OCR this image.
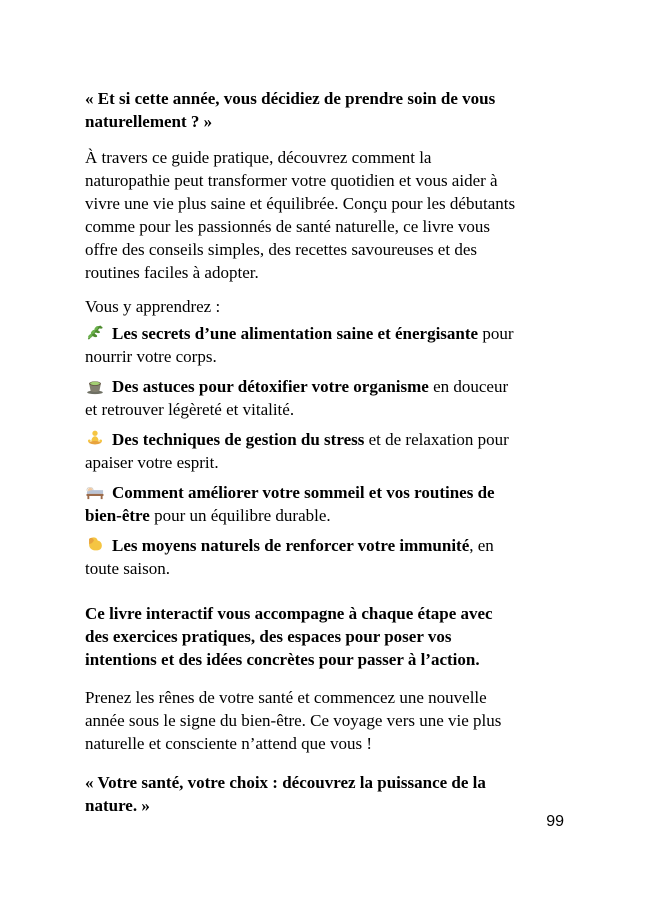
« Et si cette année, vous décidiez de prendre soin de vous
naturellement ? »
À travers ce guide pratique, découvrez comment la
naturopathie peut transformer votre quotidien et vous aider à
vivre une vie plus saine et équilibrée. Conçu pour les débutants
comme pour les passionnés de santé naturelle, ce livre vous
offre des conseils simples, des recettes savoureuses et des
routines faciles à adopter.
Vous y apprendrez :
Les secrets d’une alimentation saine et énergisante pour
nourrir votre corps.
Des astuces pour détoxifier votre organisme en douceur
et retrouver légèreté et vitalité.
Des techniques de gestion du stress et de relaxation pour
apaiser votre esprit.
Comment améliorer votre sommeil et vos routines de
bien-être pour un équilibre durable.
Les moyens naturels de renforcer votre immunité, en
toute saison.
Ce livre interactif vous accompagne à chaque étape avec
des exercices pratiques, des espaces pour poser vos
intentions et des idées concrètes pour passer à l’action.
Prenez les rênes de votre santé et commencez une nouvelle
année sous le signe du bien-être. Ce voyage vers une vie plus
naturelle et consciente n’attend que vous !
« Votre santé, votre choix : découvrez la puissance de la
nature. »
99
